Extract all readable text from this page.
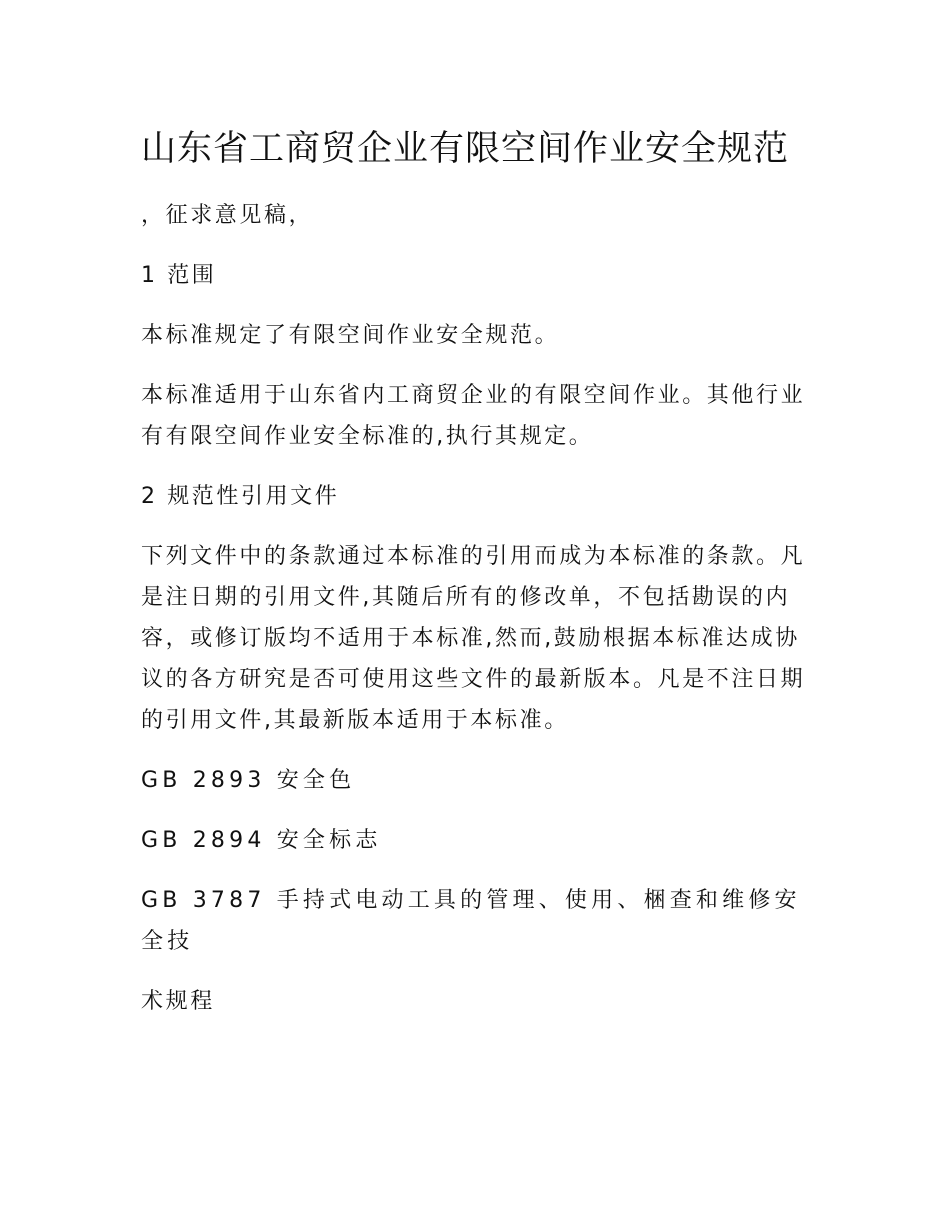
山东省工商贸企业有限空间作业安全规范

，征求意见稿，

1 范围

本标准规定了有限空间作业安全规范。

本标准适用于山东省内工商贸企业的有限空间作业。其他行业有有限空间作业安全标准的,执行其规定。

2 规范性引用文件

下列文件中的条款通过本标准的引用而成为本标准的条款。凡是注日期的引用文件,其随后所有的修改单，不包括勘误的内容，或修订版均不适用于本标准,然而,鼓励根据本标准达成协议的各方研究是否可使用这些文件的最新版本。凡是不注日期的引用文件,其最新版本适用于本标准。

GB 2893 安全色

GB 2894 安全标志

GB 3787 手持式电动工具的管理、使用、梱查和维修安全技

术规程
